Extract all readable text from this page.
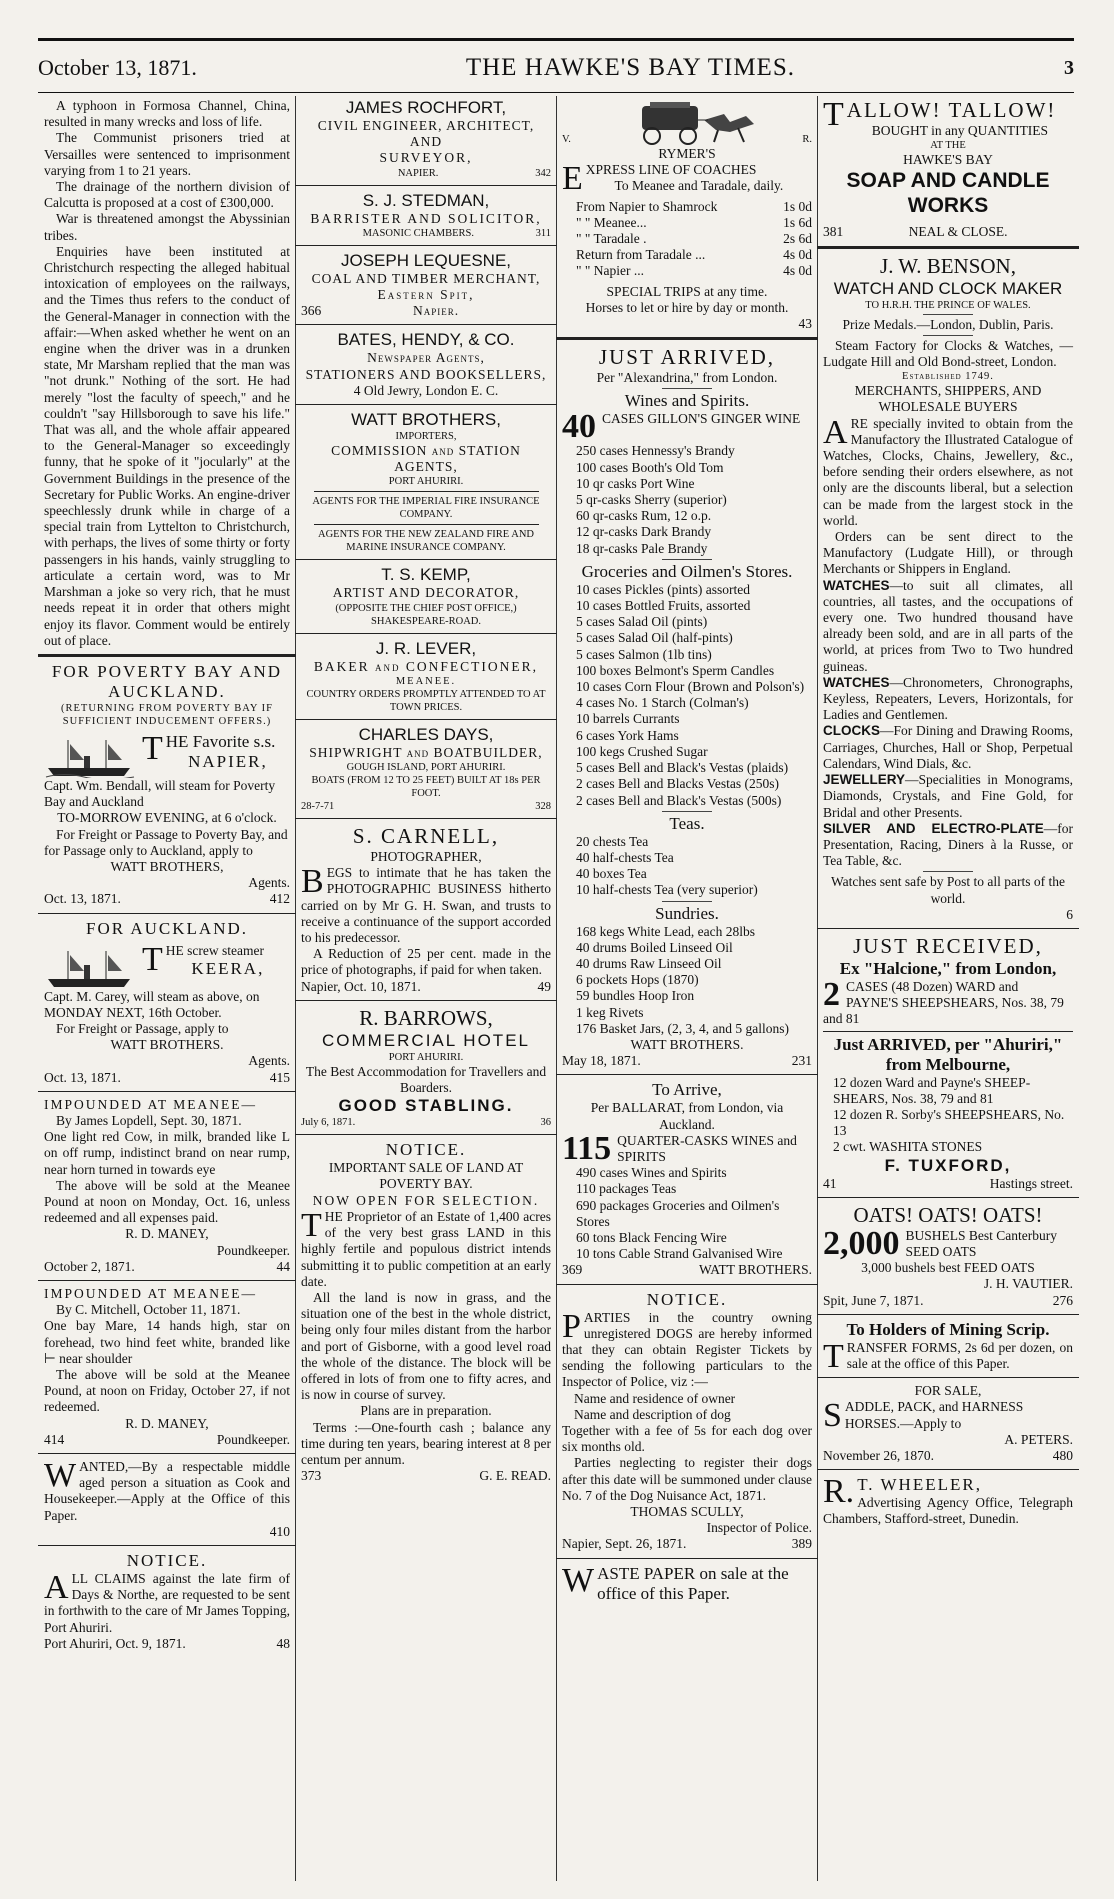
October 13, 1871.	THE HAWKE'S BAY TIMES.	3

A typhoon in Formosa Channel, China, resulted in many wrecks and loss of life.

The Communist prisoners tried at Versailles were sentenced to imprisonment varying from 1 to 21 years.

The drainage of the northern division of Calcutta is proposed at a cost of £300,000.

War is threatened amongst the Abyssinian tribes.

Enquiries have been instituted at Christchurch respecting the alleged habitual intoxication of employees on the railways, and the Times thus refers to the conduct of the General-Manager in connection with the affair:—When asked whether he went on an engine when the driver was in a drunken state, Mr Marsham replied that the man was "not drunk." Nothing of the sort. He had merely "lost the faculty of speech," and he couldn't "say Hillsborough to save his life." That was all, and the whole affair appeared to the General-Manager so exceedingly funny, that he spoke of it "jocularly" at the Government Buildings in the presence of the Secretary for Public Works. An engine-driver speechlessly drunk while in charge of a special train from Lyttelton to Christchurch, with perhaps, the lives of some thirty or forty passengers in his hands, vainly struggling to articulate a certain word, was to Mr Marshman a joke so very rich, that he must needs repeat it in order that others might enjoy its flavor. Comment would be entirely out of place.

FOR POVERTY BAY AND AUCKLAND.

(RETURNING FROM POVERTY BAY IF SUFFICIENT INDUCEMENT OFFERS.)

THE Favorite s.s.

NAPIER,

Capt. Wm. Bendall, will steam for Poverty Bay and Auckland

TO-MORROW EVENING, at 6 o'clock.

For Freight or Passage to Poverty Bay, and for Passage only to Auckland, apply to

WATT BROTHERS,

Agents.

Oct. 13, 1871.	412

FOR AUCKLAND.

THE screw steamer

KEERA,

Capt. M. Carey, will steam as above, on MONDAY NEXT, 16th October.

For Freight or Passage, apply to

WATT BROTHERS.

Agents.

Oct. 13, 1871.	415

IMPOUNDED AT MEANEE—

By James Lopdell, Sept. 30, 1871.

One light red Cow, in milk, branded like L on off rump, indistinct brand on near rump, near horn turned in towards eye

The above will be sold at the Meanee Pound at noon on Monday, Oct. 16, unless redeemed and all expenses paid.

R. D. MANEY,

Poundkeeper.

October 2, 1871.	44

IMPOUNDED AT MEANEE—

By C. Mitchell, October 11, 1871.

One bay Mare, 14 hands high, star on forehead, two hind feet white, branded like ⊢ near shoulder

The above will be sold at the Meanee Pound, at noon on Friday, October 27, if not redeemed.

R. D. MANEY,

414	Poundkeeper.

WANTED,—By a respectable middle aged person a situation as Cook and Housekeeper.—Apply at the Office of this Paper.

410

NOTICE.

ALL CLAIMS against the late firm of Days & Northe, are requested to be sent in forthwith to the care of Mr James Topping, Port Ahuriri.

Port Ahuriri, Oct. 9, 1871.	48

JAMES ROCHFORT,

CIVIL ENGINEER, ARCHITECT, AND

SURVEYOR,

NAPIER.	342

S. J. STEDMAN,

BARRISTER AND SOLICITOR,

MASONIC CHAMBERS.	311

JOSEPH LEQUESNE,

COAL AND TIMBER MERCHANT,

Eastern Spit,

366	Napier.

BATES, HENDY, & CO.

Newspaper Agents,

STATIONERS AND BOOKSELLERS,

4 Old Jewry, London E. C.

WATT BROTHERS,

IMPORTERS,

COMMISSION and STATION AGENTS,

PORT AHURIRI.

AGENTS FOR THE IMPERIAL FIRE INSURANCE COMPANY.

AGENTS FOR THE NEW ZEALAND FIRE AND MARINE INSURANCE COMPANY.

T. S. KEMP,

ARTIST AND DECORATOR,

(OPPOSITE THE CHIEF POST OFFICE,)

SHAKESPEARE-ROAD.

J. R. LEVER,

BAKER and CONFECTIONER,

MEANEE.

COUNTRY ORDERS PROMPTLY ATTENDED TO AT TOWN PRICES.

CHARLES DAYS,

SHIPWRIGHT and BOATBUILDER,

GOUGH ISLAND, PORT AHURIRI.

BOATS (FROM 12 TO 25 FEET) BUILT AT 18s PER FOOT.

28-7-71	328

S. CARNELL,

PHOTOGRAPHER,

BEGS to intimate that he has taken the PHOTOGRAPHIC BUSINESS hitherto carried on by Mr G. H. Swan, and trusts to receive a continuance of the support accorded to his predecessor.

A Reduction of 25 per cent. made in the price of photographs, if paid for when taken.

Napier, Oct. 10, 1871.	49

R. BARROWS,

COMMERCIAL HOTEL

PORT AHURIRI.

The Best Accommodation for Travellers and Boarders.

GOOD STABLING.

July 6, 1871.	36

NOTICE.

IMPORTANT SALE OF LAND AT POVERTY BAY.

NOW OPEN FOR SELECTION.

THE Proprietor of an Estate of 1,400 acres of the very best grass LAND in this highly fertile and populous district intends submitting it to public competition at an early date.

All the land is now in grass, and the situation one of the best in the whole district, being only four miles distant from the harbor and port of Gisborne, with a good level road the whole of the distance. The block will be offered in lots of from one to fifty acres, and is now in course of survey.

Plans are in preparation.

Terms :—One-fourth cash ; balance any time during ten years, bearing interest at 8 per centum per annum.

373	G. E. READ.
V.	R.

RYMER'S

EXPRESS LINE OF COACHES

To Meanee and Taradale, daily.

From Napier to Shamrock	1s 0d
" " Meanee...	1s 6d
" " Taradale .	2s 6d
Return from Taradale ...	4s 0d
" " Napier ...	4s 0d

SPECIAL TRIPS at any time.

Horses to let or hire by day or month.

43

JUST ARRIVED,

Per "Alexandrina," from London.

Wines and Spirits.

40 CASES GILLON'S GINGER WINE

250 cases Hennessy's Brandy

100 cases Booth's Old Tom

10 qr casks Port Wine

5 qr-casks Sherry (superior)

60 qr-casks Rum, 12 o.p.

12 qr-casks Dark Brandy

18 qr-casks Pale Brandy

Groceries and Oilmen's Stores.

10 cases Pickles (pints) assorted

10 cases Bottled Fruits, assorted

5 cases Salad Oil (pints)

5 cases Salad Oil (half-pints)

5 cases Salmon (1lb tins)

100 boxes Belmont's Sperm Candles

10 cases Corn Flour (Brown and Polson's)

4 cases No. 1 Starch (Colman's)

10 barrels Currants

6 cases York Hams

100 kegs Crushed Sugar

5 cases Bell and Black's Vestas (plaids)

2 cases Bell and Blacks Vestas (250s)

2 cases Bell and Black's Vestas (500s)

Teas.

20 chests Tea

40 half-chests Tea

40 boxes Tea

10 half-chests Tea (very superior)

Sundries.

168 kegs White Lead, each 28lbs

40 drums Boiled Linseed Oil

40 drums Raw Linseed Oil

6 pockets Hops (1870)

59 bundles Hoop Iron

1 keg Rivets

176 Basket Jars, (2, 3, 4, and 5 gallons)

WATT BROTHERS.

May 18, 1871.	231

To Arrive,

Per BALLARAT, from London, via Auckland.

115 QUARTER-CASKS WINES and SPIRITS

490 cases Wines and Spirits

110 packages Teas

690 packages Groceries and Oilmen's Stores

60 tons Black Fencing Wire

10 tons Cable Strand Galvanised Wire

369	WATT BROTHERS.

NOTICE.

PARTIES in the country owning unregistered DOGS are hereby informed that they can obtain Register Tickets by sending the following particulars to the Inspector of Police, viz :—

Name and residence of owner

Name and description of dog

Together with a fee of 5s for each dog over six months old.

Parties neglecting to register their dogs after this date will be summoned under clause No. 7 of the Dog Nuisance Act, 1871.

THOMAS SCULLY,

Inspector of Police.

Napier, Sept. 26, 1871.	389

WASTE PAPER on sale at the office of this Paper.

TALLOW! TALLOW!

BOUGHT in any QUANTITIES

AT THE

HAWKE'S BAY

SOAP AND CANDLE WORKS

381	NEAL & CLOSE.

J. W. BENSON,

WATCH AND CLOCK MAKER

TO H.R.H. THE PRINCE OF WALES.

Prize Medals.—London, Dublin, Paris.

Steam Factory for Clocks & Watches, —Ludgate Hill and Old Bond-street, London.

Established 1749.

MERCHANTS, SHIPPERS, AND WHOLESALE BUYERS

ARE specially invited to obtain from the Manufactory the Illustrated Catalogue of Watches, Clocks, Chains, Jewellery, &c., before sending their orders elsewhere, as not only are the discounts liberal, but a selection can be made from the largest stock in the world.

Orders can be sent direct to the Manufactory (Ludgate Hill), or through Merchants or Shippers in England.

WATCHES—to suit all climates, all countries, all tastes, and the occupations of every one. Two hundred thousand have already been sold, and are in all parts of the world, at prices from Two to Two hundred guineas.

WATCHES—Chronometers, Chronographs, Keyless, Repeaters, Levers, Horizontals, for Ladies and Gentlemen.

CLOCKS—For Dining and Drawing Rooms, Carriages, Churches, Hall or Shop, Perpetual Calendars, Wind Dials, &c.

JEWELLERY—Specialities in Monograms, Diamonds, Crystals, and Fine Gold, for Bridal and other Presents.

SILVER AND ELECTRO-PLATE—for Presentation, Racing, Diners à la Russe, or Tea Table, &c.

Watches sent safe by Post to all parts of the world.

6

JUST RECEIVED,

Ex "Halcione," from London,

2 CASES (48 Dozen) WARD and PAYNE'S SHEEPSHEARS, Nos. 38, 79 and 81

Just ARRIVED, per "Ahuriri," from Melbourne,

12 dozen Ward and Payne's SHEEP-SHEARS, Nos. 38, 79 and 81

12 dozen R. Sorby's SHEEPSHEARS, No. 13

2 cwt. WASHITA STONES

F. TUXFORD,

41	Hastings street.

OATS! OATS! OATS!

2,000 BUSHELS Best Canterbury SEED OATS

3,000 bushels best FEED OATS

J. H. VAUTIER.

Spit, June 7, 1871.	276

To Holders of Mining Scrip.

TRANSFER FORMS, 2s 6d per dozen, on sale at the office of this Paper.

FOR SALE,

SADDLE, PACK, and HARNESS HORSES.—Apply to

A. PETERS.

November 26, 1870.	480

R. T. WHEELER,

Advertising Agency Office, Telegraph Chambers, Stafford-street, Dunedin.
